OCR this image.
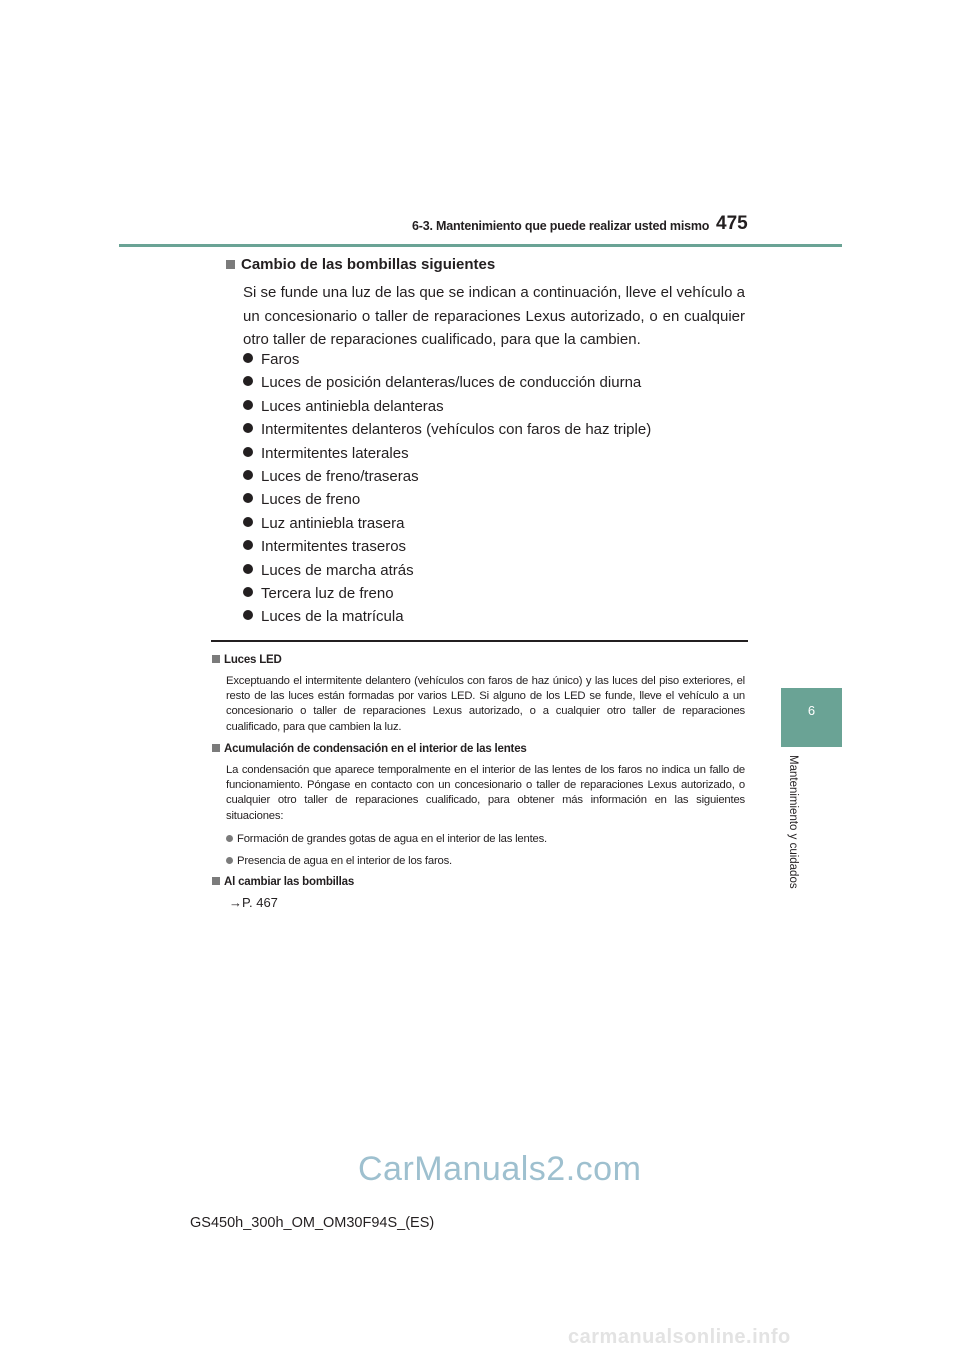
6-3. Mantenimiento que puede realizar usted mismo 475
6
Mantenimiento y cuidados
Cambio de las bombillas siguientes

Si se funde una luz de las que se indican a continuación, lleve el vehículo a un concesionario o taller de reparaciones Lexus autorizado, o en cualquier otro taller de reparaciones cualificado, para que la cambien.

Faros
Luces de posición delanteras/luces de conducción diurna
Luces antiniebla delanteras
Intermitentes delanteros (vehículos con faros de haz triple)
Intermitentes laterales
Luces de freno/traseras
Luces de freno
Luz antiniebla trasera
Intermitentes traseros
Luces de marcha atrás
Tercera luz de freno
Luces de la matrícula
Luces LED

Exceptuando el intermitente delantero (vehículos con faros de haz único) y las luces del piso exteriores, el resto de las luces están formadas por varios LED. Si alguno de los LED se funde, lleve el vehículo a un concesionario o taller de reparaciones Lexus autorizado, o a cualquier otro taller de reparaciones cualificado, para que cambien la luz.

Acumulación de condensación en el interior de las lentes

La condensación que aparece temporalmente en el interior de las lentes de los faros no indica un fallo de funcionamiento. Póngase en contacto con un concesionario o taller de reparaciones Lexus autorizado, o cualquier otro taller de reparaciones cualificado, para obtener más información en las siguientes situaciones:

Formación de grandes gotas de agua en el interior de las lentes.
Presencia de agua en el interior de los faros.
Al cambiar las bombillas
→P. 467
CarManuals2.com
GS450h_300h_OM_OM30F94S_(ES)
carmanualsonline.info
